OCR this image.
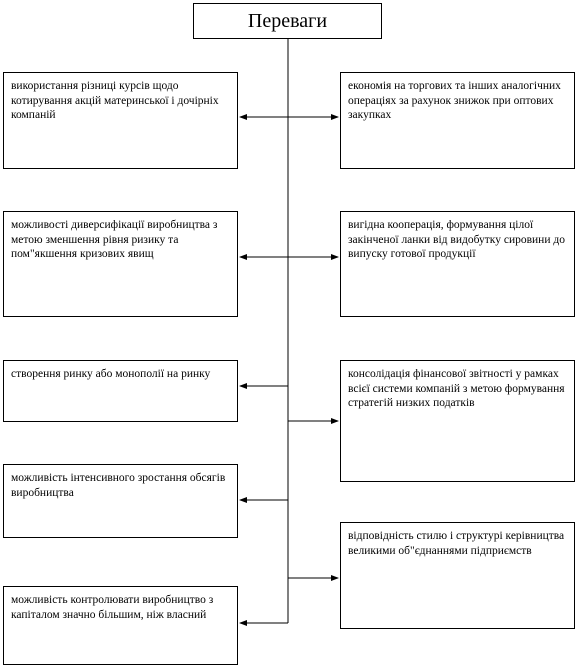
Переваги
використання різниці курсів щодо котирування акцій материнської і дочірніх компаній
можливості диверсифікації виробництва з метою зменшення рівня ризику та пом"якшення кризових явищ
створення ринку або монополії на ринку
можливість інтенсивного зростання обсягів виробництва
можливість контролювати виробництво з капіталом значно більшим, ніж власний
економія на торгових та інших аналогічних операціях за рахунок знижок при оптових закупках
вигідна кооперація, формування цілої закінченої ланки від видобутку сировини до випуску готової продукції
консолідація фінансової звітності у рамках всієї системи компаній з метою формування стратегій низких податків
відповідність стилю і структурі керівництва великими об"єднаннями підприємств
